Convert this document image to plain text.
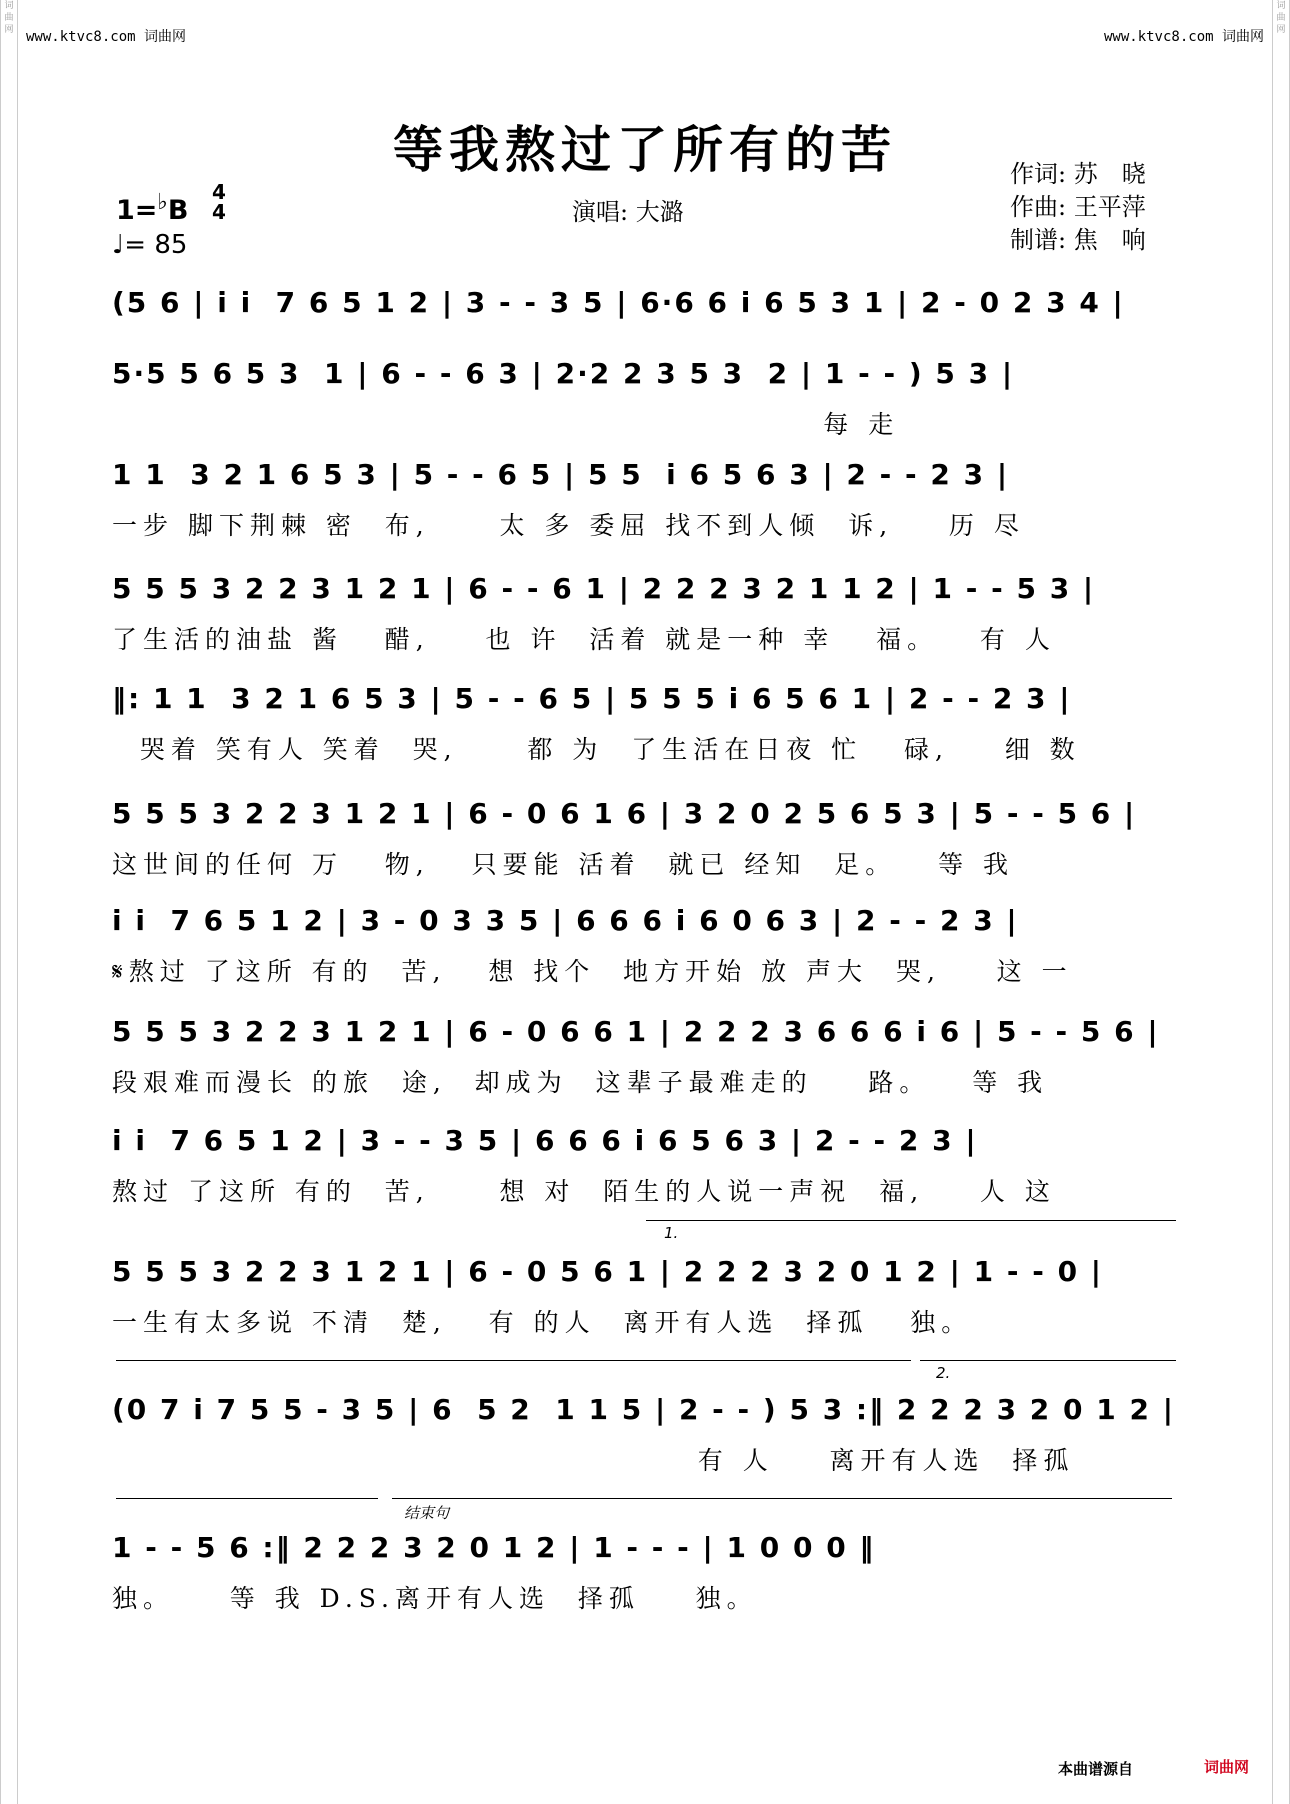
词曲网
词曲网
www.ktvc8.com 词曲网	www.ktvc8.com 词曲网
等我熬过了所有的苦
1=♭B
4
4
♩= 85
演唱: 大潞
作词: 苏　晓
作曲: 王平萍
制谱: 焦　响
(5 6 | i i  7 6 5 1 2 | 3 - - 3 5 | 6·6 6 i 6 5 3 1 | 2 - 0 2 3 4 |
5·5 5 6 5 3  1 | 6 - - 6 3 | 2·2 2 3 5 3  2 | 1 - - ) 5 3 |
每 走
1 1  3 2 1 6 5 3 | 5 - - 6 5 | 5 5  i 6 5 6 3 | 2 - - 2 3 |
一步 脚下荆棘 密  布,     太 多 委屈 找不到人倾  诉,    历 尽
5 5 5 3 2 2 3 1 2 1 | 6 - - 6 1 | 2 2 2 3 2 1 1 2 | 1 - - 5 3 |
了生活的油盐 酱   醋,    也 许  活着 就是一种 幸   福。   有 人
‖: 1 1  3 2 1 6 5 3 | 5 - - 6 5 | 5 5 5 i 6 5 6 1 | 2 - - 2 3 |
哭着 笑有人 笑着  哭,     都 为  了生活在日夜 忙   碌,    细 数
5 5 5 3 2 2 3 1 2 1 | 6 - 0 6 1 6 | 3 2 0 2 5 6 5 3 | 5 - - 5 6 |
这世间的任何 万   物,   只要能 活着  就已 经知  足。   等 我
i i  7 6 5 1 2 | 3 - 0 3 3 5 | 6 6 6 i 6 0 6 3 | 2 - - 2 3 |
𝄋熬过 了这所 有的  苦,   想 找个  地方开始 放 声大  哭,    这 一
5 5 5 3 2 2 3 1 2 1 | 6 - 0 6 6 1 | 2 2 2 3 6 6 6 i 6 | 5 - - 5 6 |
段艰难而漫长 的旅  途,  却成为  这辈子最难走的    路。   等 我
i i  7 6 5 1 2 | 3 - - 3 5 | 6 6 6 i 6 5 6 3 | 2 - - 2 3 |
熬过 了这所 有的  苦,     想 对  陌生的人说一声祝  福,    人 这
5 5 5 3 2 2 3 1 2 1 | 6 - 0 5 6 1 | 2 2 2 3 2 0 1 2 | 1 - - 0 |
一生有太多说 不清  楚,   有 的人  离开有人选  择孤   独。
(0 7 i 7 5 5 - 3 5 | 6  5 2  1 1 5 | 2 - - ) 5 3 :‖ 2 2 2 3 2 0 1 2 |
有 人    离开有人选  择孤
1 - - 5 6 :‖ 2 2 2 3 2 0 1 2 | 1 - - - | 1 0 0 0 ‖
独。    等 我 D.S.离开有人选  择孤    独。
1.
2.
结束句
本曲谱源自	词曲网
